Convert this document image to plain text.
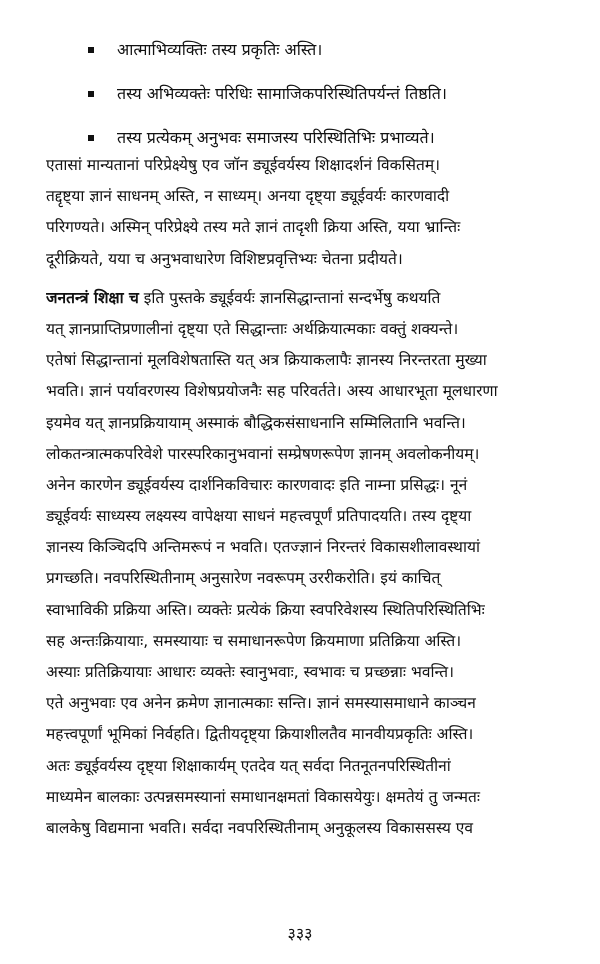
आत्माभिव्यक्तिः तस्य प्रकृतिः अस्ति।
तस्य अभिव्यक्तेः परिधिः सामाजिकपरिस्थितिपर्यन्तं तिष्ठति।
तस्य प्रत्येकम् अनुभवः समाजस्य परिस्थितिभिः प्रभाव्यते।
एतासां मान्यतानां परिप्रेक्ष्येषु एव जॉन ड्यूईवर्यस्य शिक्षादर्शनं विकसितम्।
तद्दृष्ट्या ज्ञानं साधनम् अस्ति, न साध्यम्। अनया दृष्ट्या ड्यूईवर्यः कारणवादी
परिगण्यते। अस्मिन् परिप्रेक्ष्ये तस्य मते ज्ञानं तादृशी क्रिया अस्ति, यया भ्रान्तिः
दूरीक्रियते, यया च अनुभवाधारेण विशिष्टप्रवृत्तिभ्यः चेतना प्रदीयते।
जनतन्त्रं शिक्षा च इति पुस्तके ड्यूईवर्यः ज्ञानसिद्धान्तानां सन्दर्भेषु कथयति
यत् ज्ञानप्राप्तिप्रणालीनां दृष्ट्या एते सिद्धान्ताः अर्थक्रियात्मकाः वक्तुं शक्यन्ते।
एतेषां सिद्धान्तानां मूलविशेषतास्ति यत् अत्र क्रियाकलापैः ज्ञानस्य निरन्तरता मुख्या
भवति। ज्ञानं पर्यावरणस्य विशेषप्रयोजनैः सह परिवर्तते। अस्य आधारभूता मूलधारणा
इयमेव यत् ज्ञानप्रक्रियायाम् अस्माकं बौद्धिकसंसाधनानि सम्मिलितानि भवन्ति।
लोकतन्त्रात्मकपरिवेशे पारस्परिकानुभवानां सम्प्रेषणरूपेण ज्ञानम् अवलोकनीयम्।
अनेन कारणेन ड्यूईवर्यस्य दार्शनिकविचारः कारणवादः इति नाम्ना प्रसिद्धः। नूनं
ड्यूईवर्यः साध्यस्य लक्ष्यस्य वापेक्षया साधनं महत्त्वपूर्णं प्रतिपादयति। तस्य दृष्ट्या
ज्ञानस्य किञ्चिदपि अन्तिमरूपं न भवति। एतज्ज्ञानं निरन्तरं विकासशीलावस्थायां
प्रगच्छति। नवपरिस्थितीनाम् अनुसारेण नवरूपम् उररीकरोति। इयं काचित्
स्वाभाविकी प्रक्रिया अस्ति। व्यक्तेः प्रत्येकं क्रिया स्वपरिवेशस्य स्थितिपरिस्थितिभिः
सह अन्तःक्रियायाः, समस्यायाः च समाधानरूपेण क्रियमाणा प्रतिक्रिया अस्ति।
अस्याः प्रतिक्रियायाः आधारः व्यक्तेः स्वानुभवाः, स्वभावः च प्रच्छन्नाः भवन्ति।
एते अनुभवाः एव अनेन क्रमेण ज्ञानात्मकाः सन्ति। ज्ञानं समस्यासमाधाने काञ्चन
महत्त्वपूर्णां भूमिकां निर्वहति। द्वितीयदृष्ट्या क्रियाशीलतैव मानवीयप्रकृतिः अस्ति।
अतः ड्यूईवर्यस्य दृष्ट्या शिक्षाकार्यम् एतदेव यत् सर्वदा नितनूतनपरिस्थितीनां
माध्यमेन बालकाः उत्पन्नसमस्यानां समाधानक्षमतां विकासयेयुः। क्षमतेयं तु जन्मतः
बालकेषु विद्यमाना भवति। सर्वदा नवपरिस्थितीनाम् अनुकूलस्य विकाससस्य एव
३३३
